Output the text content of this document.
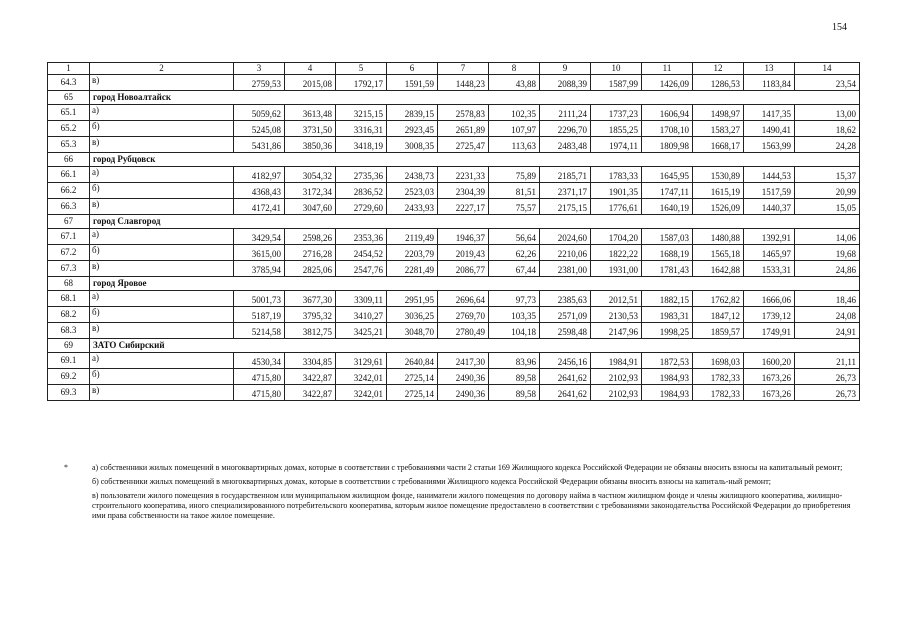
154
1	2	3	4	5	6	7	8	9	10	11	12	13	14
64.3	в)	2759,53	2015,08	1792,17	1591,59	1448,23	43,88	2088,39	1587,99	1426,09	1286,53	1183,84	23,54
65	город Новоалтайск												
65.1	а)	5059,62	3613,48	3215,15	2839,15	2578,83	102,35	2111,24	1737,23	1606,94	1498,97	1417,35	13,00
65.2	б)	5245,08	3731,50	3316,31	2923,45	2651,89	107,97	2296,70	1855,25	1708,10	1583,27	1490,41	18,62
65.3	в)	5431,86	3850,36	3418,19	3008,35	2725,47	113,63	2483,48	1974,11	1809,98	1668,17	1563,99	24,28
66	город Рубцовск												
66.1	а)	4182,97	3054,32	2735,36	2438,73	2231,33	75,89	2185,71	1783,33	1645,95	1530,89	1444,53	15,37
66.2	б)	4368,43	3172,34	2836,52	2523,03	2304,39	81,51	2371,17	1901,35	1747,11	1615,19	1517,59	20,99
66.3	в)	4172,41	3047,60	2729,60	2433,93	2227,17	75,57	2175,15	1776,61	1640,19	1526,09	1440,37	15,05
67	город Славгород												
67.1	а)	3429,54	2598,26	2353,36	2119,49	1946,37	56,64	2024,60	1704,20	1587,03	1480,88	1392,91	14,06
67.2	б)	3615,00	2716,28	2454,52	2203,79	2019,43	62,26	2210,06	1822,22	1688,19	1565,18	1465,97	19,68
67.3	в)	3785,94	2825,06	2547,76	2281,49	2086,77	67,44	2381,00	1931,00	1781,43	1642,88	1533,31	24,86
68	город Яровое												
68.1	а)	5001,73	3677,30	3309,11	2951,95	2696,64	97,73	2385,63	2012,51	1882,15	1762,82	1666,06	18,46
68.2	б)	5187,19	3795,32	3410,27	3036,25	2769,70	103,35	2571,09	2130,53	1983,31	1847,12	1739,12	24,08
68.3	в)	5214,58	3812,75	3425,21	3048,70	2780,49	104,18	2598,48	2147,96	1998,25	1859,57	1749,91	24,91
69	ЗАТО Сибирский												
69.1	а)	4530,34	3304,85	3129,61	2640,84	2417,30	83,96	2456,16	1984,91	1872,53	1698,03	1600,20	21,11
69.2	б)	4715,80	3422,87	3242,01	2725,14	2490,36	89,58	2641,62	2102,93	1984,93	1782,33	1673,26	26,73
69.3	в)	4715,80	3422,87	3242,01	2725,14	2490,36	89,58	2641,62	2102,93	1984,93	1782,33	1673,26	26,73
*	а) собственники жилых помещений в многоквартирных домах, которые в соответствии с требованиями части 2 статьи 169 Жилищного кодекса Российской Федерации не обязаны вносить взносы на капитальный ремонт;

б) собственники жилых помещений в многоквартирных домах, которые в соответствии с требованиями Жилищного кодекса Российской Федерации обязаны вносить взносы на капиталь-ный ремонт;

в) пользователи жилого помещения в государственном или муниципальном жилищном фонде, наниматели жилого помещения по договору найма в частном жилищном фонде и члены жилищного кооператива, жилищно-строительного кооператива, иного специализированного потребительского кооператива, которым жилое помещение предоставлено в соответствии с требованиями законодательства Российской Федерации до приобретения ими права собственности на такое жилое помещение.
